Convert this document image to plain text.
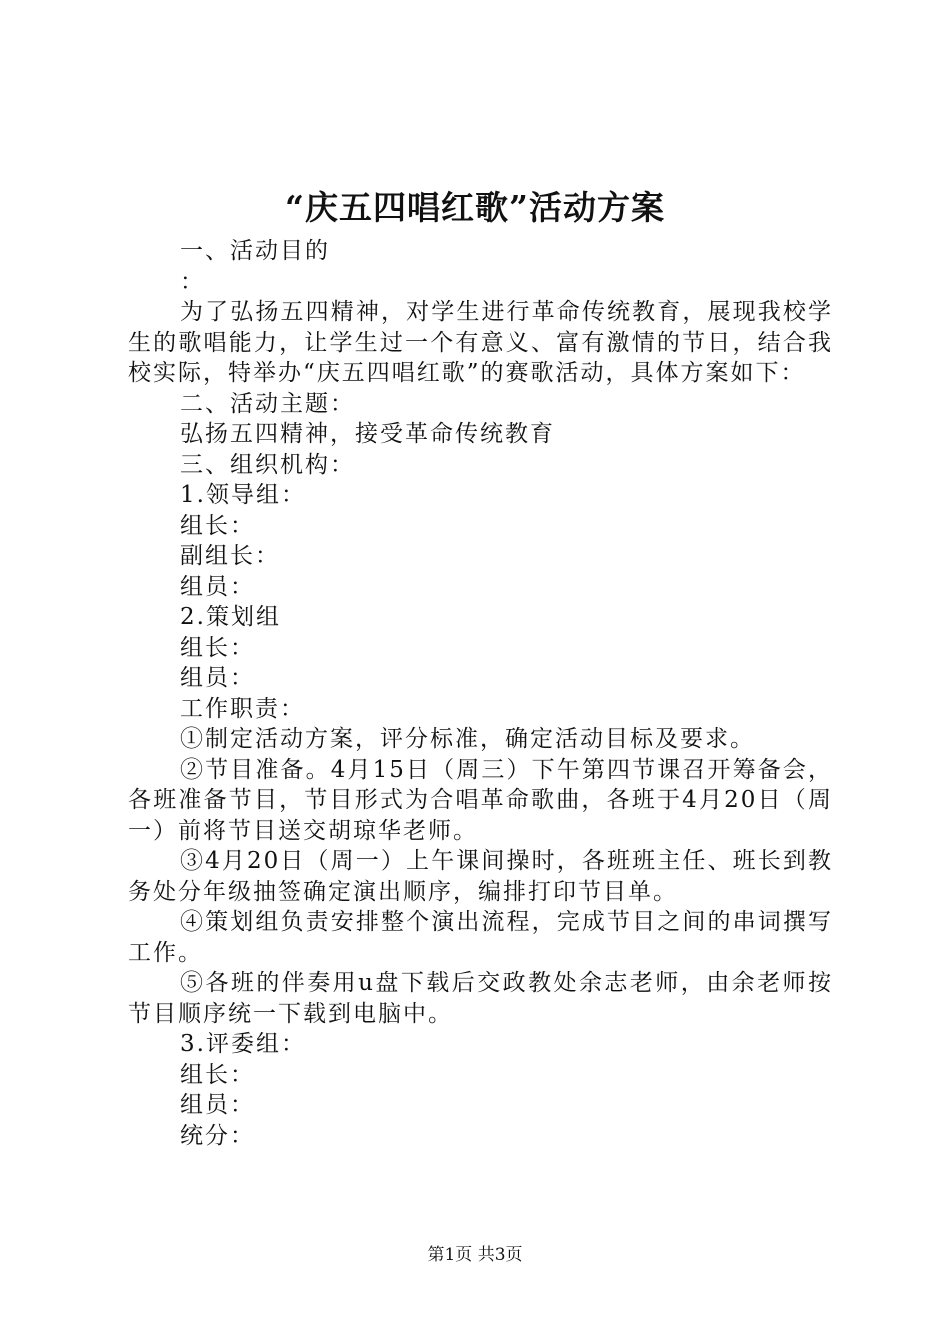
“庆五四唱红歌”活动方案

一、活动目的

：

为了弘扬五四精神，对学生进行革命传统教育，展现我校学生的歌唱能力，让学生过一个有意义、富有激情的节日，结合我校实际，特举办“庆五四唱红歌”的赛歌活动，具体方案如下：

二、活动主题：

弘扬五四精神，接受革命传统教育

三、组织机构：

1.领导组：

组长：

副组长：

组员：

2.策划组

组长：

组员：

工作职责：

①制定活动方案，评分标准，确定活动目标及要求。

②节目准备。4月15日（周三）下午第四节课召开筹备会，各班准备节目，节目形式为合唱革命歌曲，各班于4月20日（周一）前将节目送交胡琼华老师。

③4月20日（周一）上午课间操时，各班班主任、班长到教务处分年级抽签确定演出顺序，编排打印节目单。

④策划组负责安排整个演出流程，完成节目之间的串词撰写工作。

⑤各班的伴奏用u盘下载后交政教处余志老师，由余老师按节目顺序统一下载到电脑中。

3.评委组：

组长：

组员：

统分：

第1页 共3页
